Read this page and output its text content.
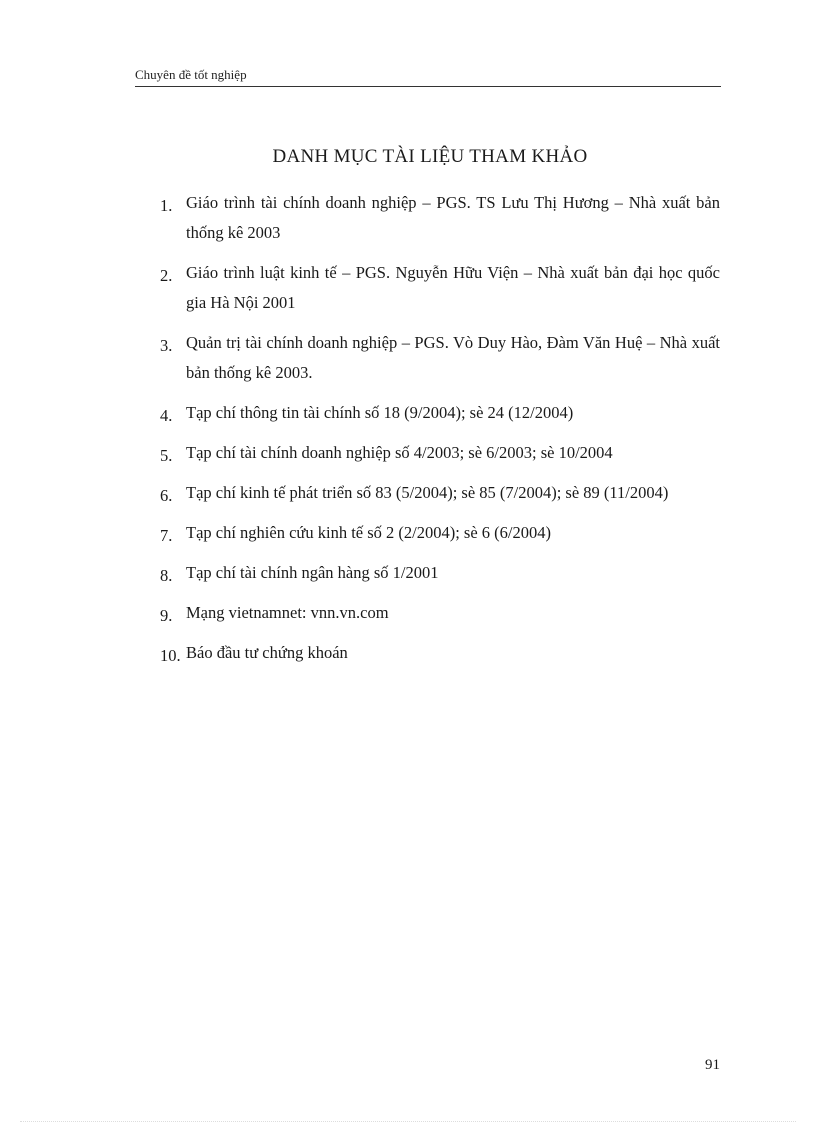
Chuyên đề tốt nghiệp
DANH MỤC TÀI LIỆU THAM KHẢO
1. Giáo trình tài chính doanh nghiệp – PGS. TS Lưu Thị Hương – Nhà xuất bản thống kê 2003
2. Giáo trình luật kinh tế – PGS. Nguyễn Hữu Viện – Nhà xuất bản đại học quốc gia Hà Nội 2001
3. Quản trị tài chính doanh nghiệp – PGS. Vò Duy Hào, Đàm Văn Huệ – Nhà xuất bản thống kê 2003.
4. Tạp chí thông tin tài chính số 18 (9/2004); sè 24 (12/2004)
5. Tạp chí tài chính doanh nghiệp số 4/2003; sè 6/2003; sè 10/2004
6. Tạp chí kinh tế phát triển số 83 (5/2004); sè 85 (7/2004); sè 89 (11/2004)
7. Tạp chí nghiên cứu kinh tế số 2 (2/2004); sè 6 (6/2004)
8. Tạp chí tài chính ngân hàng số 1/2001
9. Mạng vietnamnet: vnn.vn.com
10. Báo đầu tư chứng khoán
91
